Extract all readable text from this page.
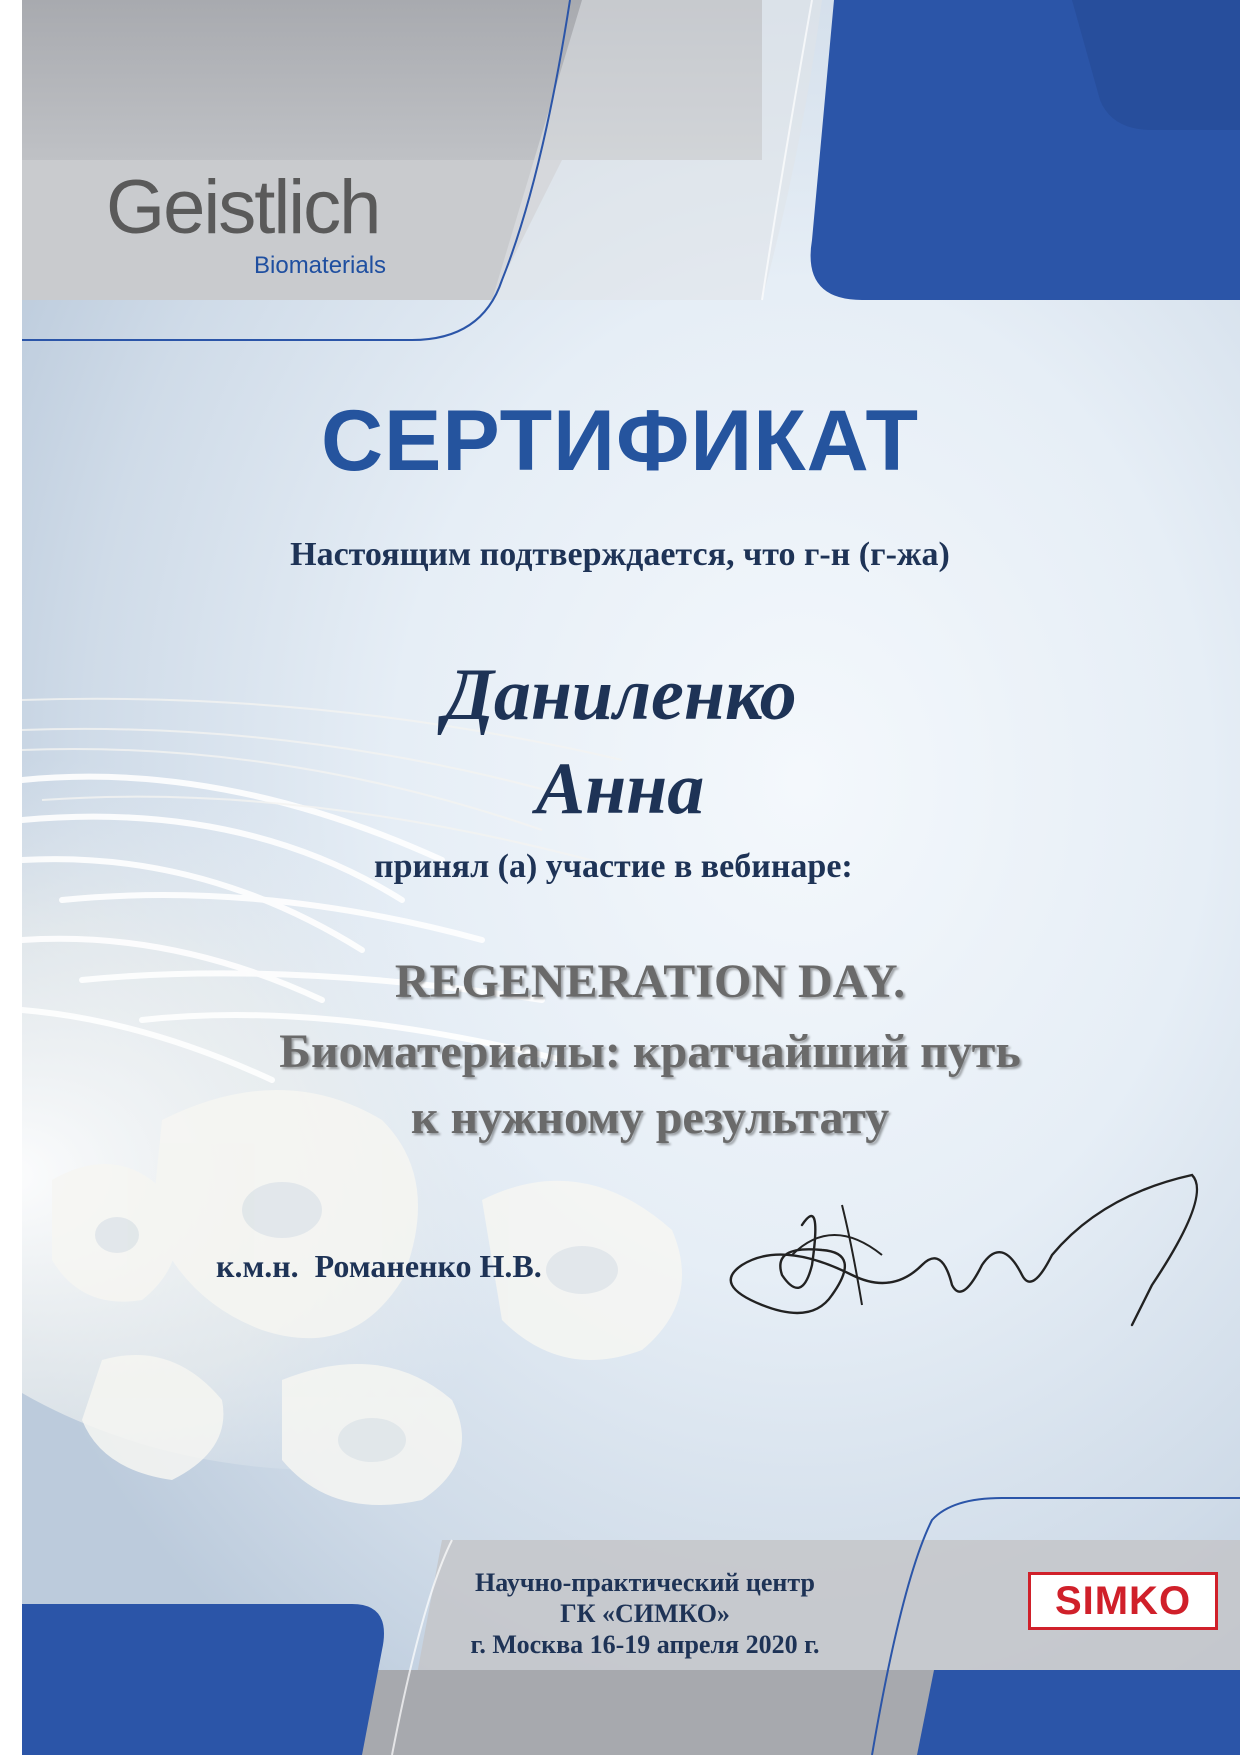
Geistlich
Biomaterials
СЕРТИФИКАТ
Настоящим подтверждается, что г-н (г-жа)
Даниленко
Анна
принял (а) участие в вебинаре:
REGENERATION DAY.
Биоматериалы: кратчайший путь
к нужному результату
к.м.н.  Романенко Н.В.
Научно-практический центр
ГК «СИМКО»
г. Москва 16-19 апреля 2020 г.
SIMKO
